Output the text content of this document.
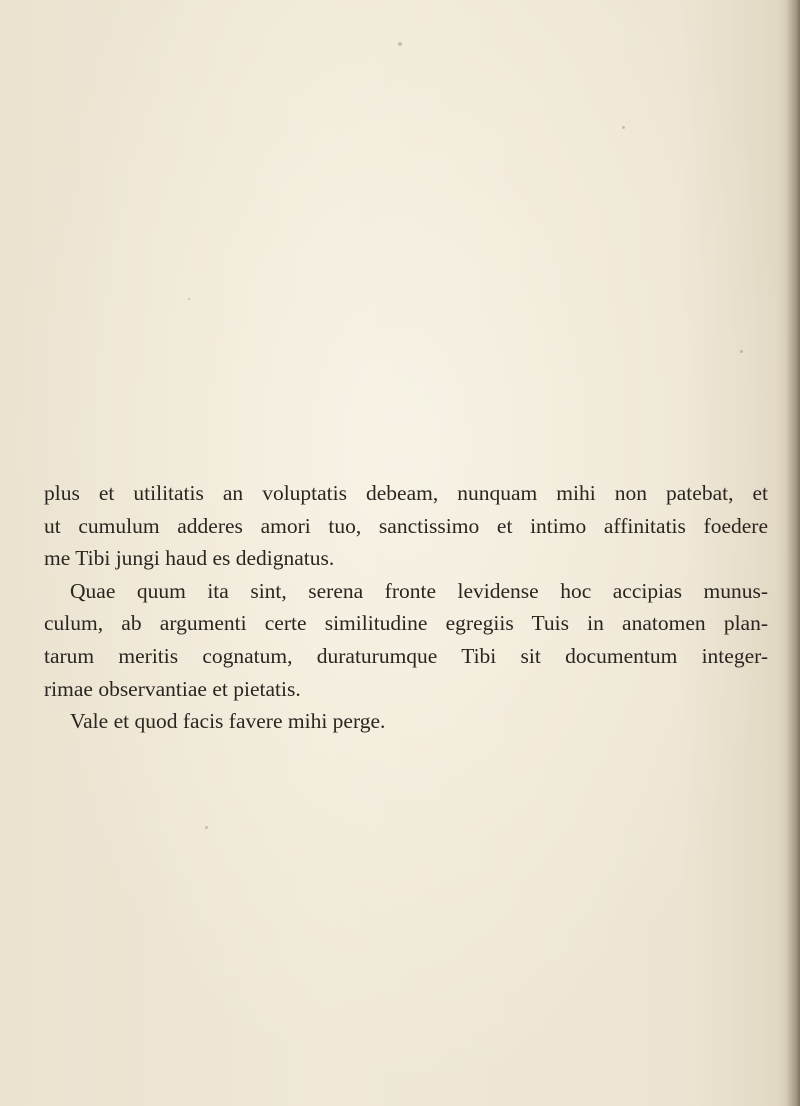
plus et utilitatis an voluptatis debeam, nunquam mihi non patebat, et
ut cumulum adderes amori tuo, sanctissimo et intimo affinitatis foedere
me Tibi jungi haud es dedignatus.
Quae quum ita sint, serena fronte levidense hoc accipias munus-
culum, ab argumenti certe similitudine egregiis Tuis in anatomen plan-
tarum meritis cognatum, duraturumque Tibi sit documentum integer-
rimae observantiae et pietatis.
Vale et quod facis favere mihi perge.
